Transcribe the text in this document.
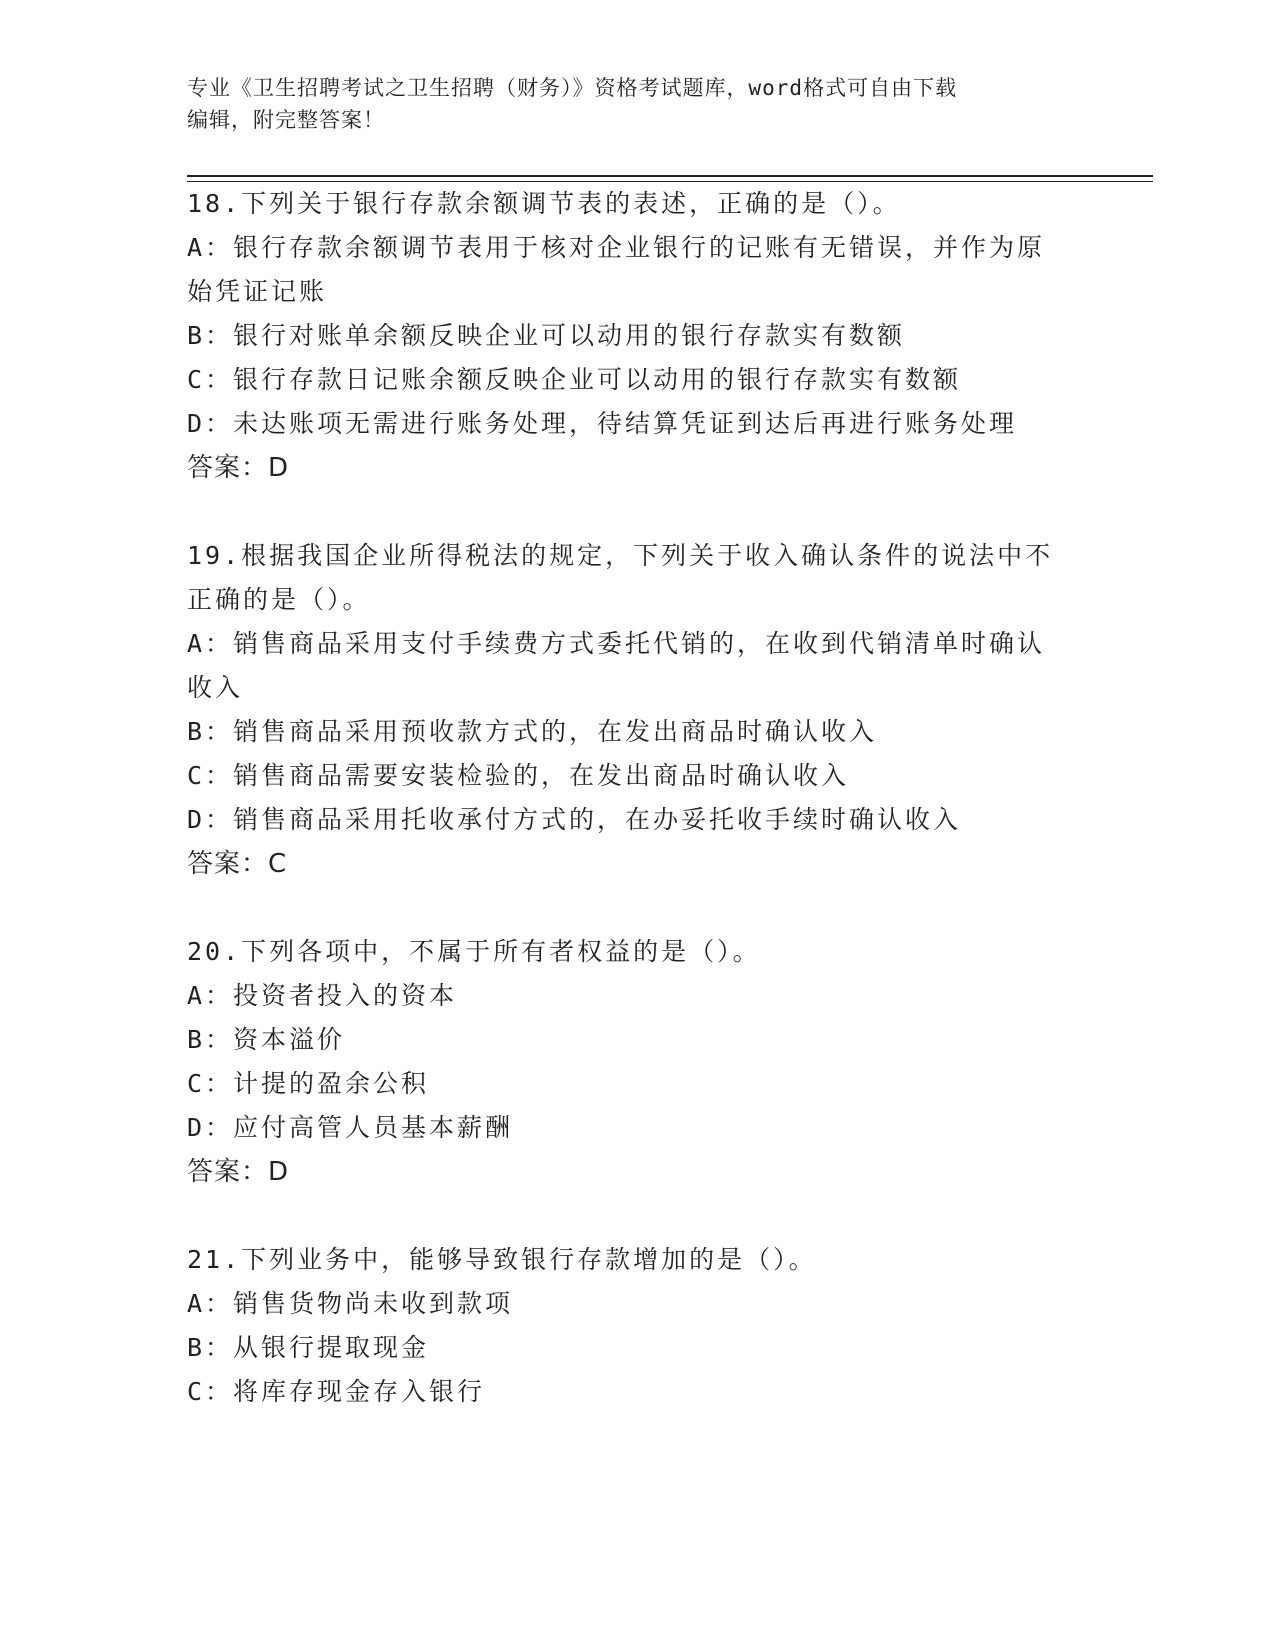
专业《卫生招聘考试之卫生招聘（财务）》资格考试题库，word格式可自由下载
编辑，附完整答案！
18.下列关于银行存款余额调节表的表述，正确的是（）。
A：银行存款余额调节表用于核对企业银行的记账有无错误，并作为原
始凭证记账
B：银行对账单余额反映企业可以动用的银行存款实有数额
C：银行存款日记账余额反映企业可以动用的银行存款实有数额
D：未达账项无需进行账务处理，待结算凭证到达后再进行账务处理
答案：D
19.根据我国企业所得税法的规定，下列关于收入确认条件的说法中不
正确的是（）。
A：销售商品采用支付手续费方式委托代销的，在收到代销清单时确认
收入
B：销售商品采用预收款方式的，在发出商品时确认收入
C：销售商品需要安装检验的，在发出商品时确认收入
D：销售商品采用托收承付方式的，在办妥托收手续时确认收入
答案：C
20.下列各项中，不属于所有者权益的是（）。
A：投资者投入的资本
B：资本溢价
C：计提的盈余公积
D：应付高管人员基本薪酬
答案：D
21.下列业务中，能够导致银行存款增加的是（）。
A：销售货物尚未收到款项
B：从银行提取现金
C：将库存现金存入银行
